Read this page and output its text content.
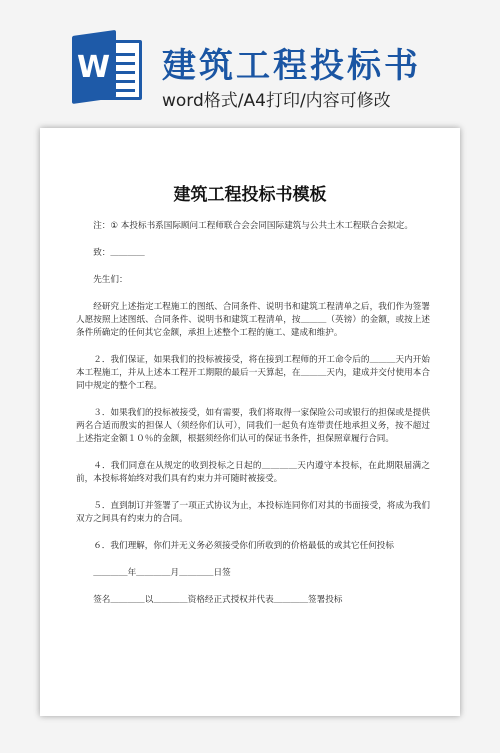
W 建筑工程投标书
word格式/A4打印/内容可修改
建筑工程投标书模板

注：① 本投标书系国际顾问工程师联合会会同国际建筑与公共土木工程联合会拟定。

致：＿＿＿＿

先生们：

经研究上述指定工程施工的图纸、合同条件、说明书和建筑工程清单之后，我们作为签署人愿按照上述图纸、合同条件、说明书和建筑工程清单，按＿＿＿（英镑）的金额，或按上述条件所确定的任何其它金额，承担上述整个工程的施工、建成和维护。

２．我们保证，如果我们的投标被接受，将在接到工程师的开工命令后的＿＿＿天内开始本工程施工，并从上述本工程开工期限的最后一天算起，在＿＿＿天内，建成并交付使用本合同中规定的整个工程。

３．如果我们的投标被接受，如有需要，我们将取得一家保险公司或银行的担保或是提供两名合适而殷实的担保人（须经你们认可），同我们一起负有连带责任地承担义务，按不超过上述指定金额１０％的金额，根据须经你们认可的保证书条件，担保照章履行合同。

４．我们同意在从规定的收到投标之日起的＿＿＿＿天内遵守本投标，在此期限届满之前，本投标将始终对我们具有约束力并可随时被接受。

５．直到制订并签署了一项正式协议为止，本投标连同你们对其的书面接受，将成为我们双方之间具有约束力的合同。

６．我们理解，你们并无义务必须接受你们所收到的价格最低的或其它任何投标

＿＿＿＿年＿＿＿＿月＿＿＿＿日签

签名＿＿＿＿以＿＿＿＿资格经正式授权并代表＿＿＿＿签署投标
